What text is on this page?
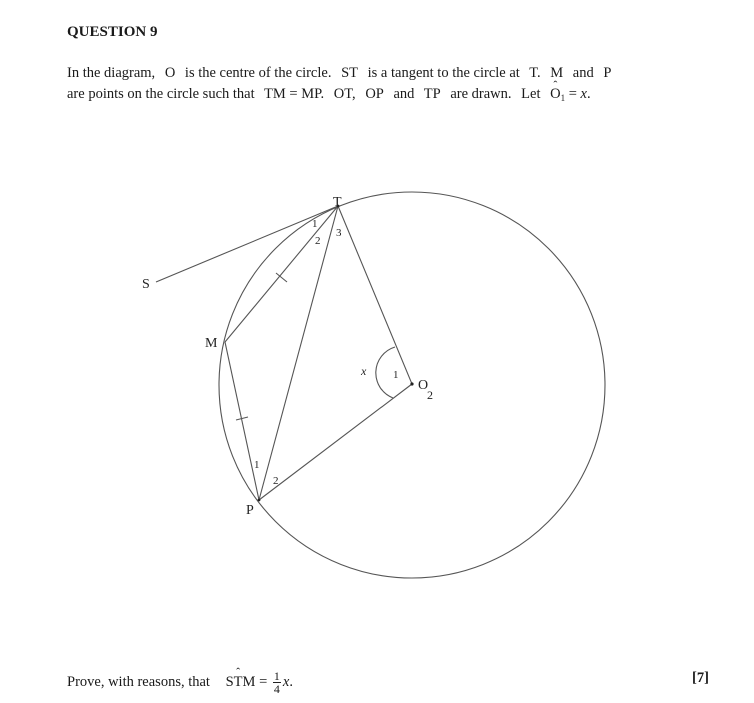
QUESTION 9
In the diagram, O is the centre of the circle. ST is a tangent to the circle at T. M and P
are points on the circle such that TM = MP. OT, OP and TP are drawn. Let ˆ $O_1 = x$.
S
T
M
P
O
2
1
2
3
1
2
1
x
Prove, with reasons, that Sˆ TM = $\frac{1}{4} x$.	[7]
